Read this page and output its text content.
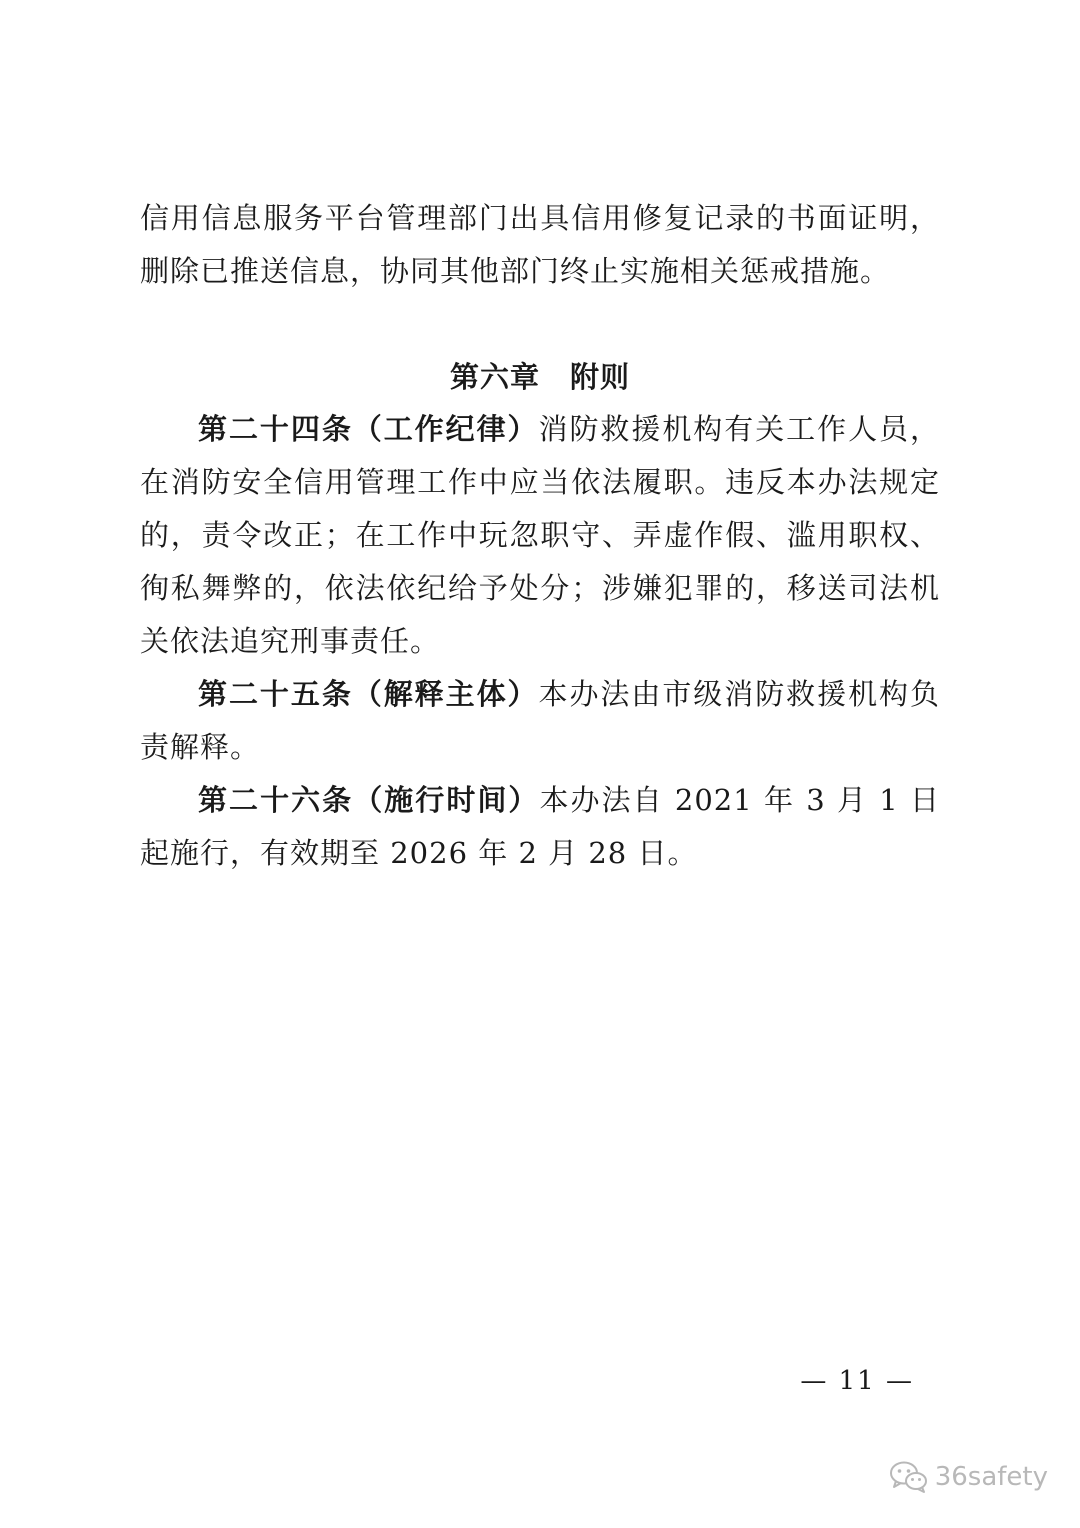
信用信息服务平台管理部门出具信用修复记录的书面证明，删除已推送信息，协同其他部门终止实施相关惩戒措施。
第六章　附则

第二十四条（工作纪律）消防救援机构有关工作人员，在消防安全信用管理工作中应当依法履职。违反本办法规定的，责令改正；在工作中玩忽职守、弄虚作假、滥用职权、徇私舞弊的，依法依纪给予处分；涉嫌犯罪的，移送司法机关依法追究刑事责任。

第二十五条（解释主体）本办法由市级消防救援机构负责解释。

第二十六条（施行时间）本办法自 2021 年 3 月 1 日起施行，有效期至 2026 年 2 月 28 日。

— 11 —
36safety
